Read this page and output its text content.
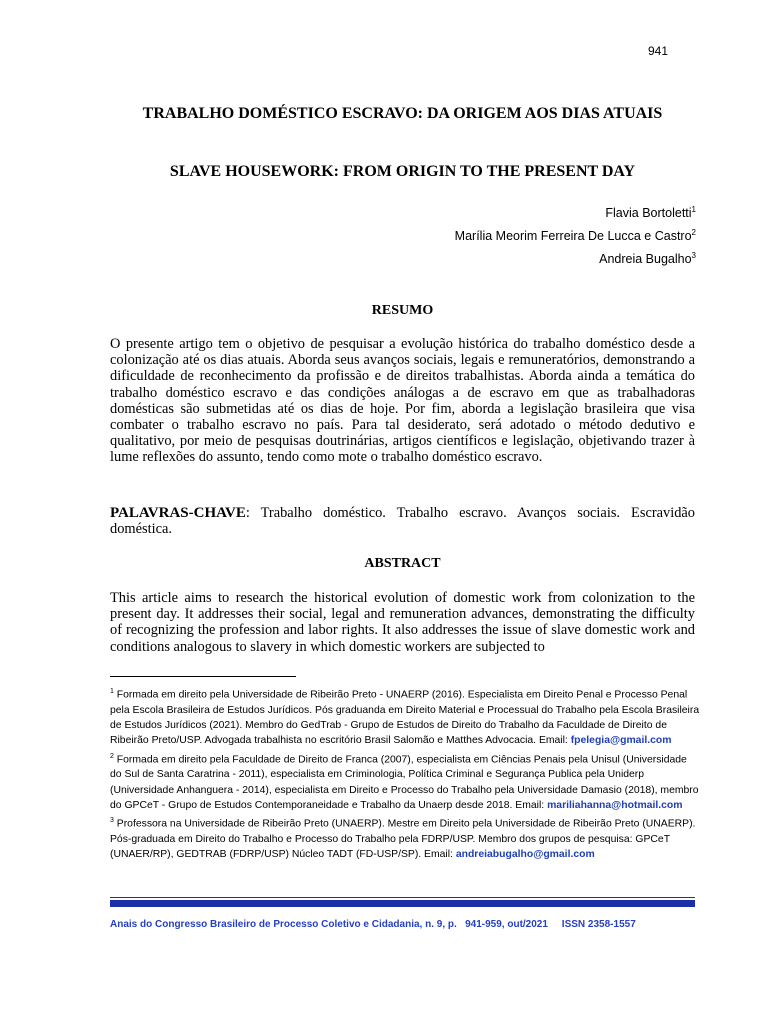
941
TRABALHO DOMÉSTICO ESCRAVO: DA ORIGEM AOS DIAS ATUAIS
SLAVE HOUSEWORK: FROM ORIGIN TO THE PRESENT DAY
Flavia Bortoletti$^1$
Marília Meorim Ferreira De Lucca e Castro$^2$
Andreia Bugalho$^3$
RESUMO
O presente artigo tem o objetivo de pesquisar a evolução histórica do trabalho doméstico desde a colonização até os dias atuais. Aborda seus avanços sociais, legais e remuneratórios, demonstrando a dificuldade de reconhecimento da profissão e de direitos trabalhistas. Aborda ainda a temática do trabalho doméstico escravo e das condições análogas a de escravo em que as trabalhadoras domésticas são submetidas até os dias de hoje. Por fim, aborda a legislação brasileira que visa combater o trabalho escravo no país. Para tal desiderato, será adotado o método dedutivo e qualitativo, por meio de pesquisas doutrinárias, artigos científicos e legislação, objetivando trazer à lume reflexões do assunto, tendo como mote o trabalho doméstico escravo.
PALAVRAS-CHAVE: Trabalho doméstico. Trabalho escravo. Avanços sociais. Escravidão doméstica.
ABSTRACT
This article aims to research the historical evolution of domestic work from colonization to the present day. It addresses their social, legal and remuneration advances, demonstrating the difficulty of recognizing the profession and labor rights. It also addresses the issue of slave domestic work and conditions analogous to slavery in which domestic workers are subjected to

$^1$ Formada em direito pela Universidade de Ribeirão Preto - UNAERP (2016). Especialista em Direito Penal e Processo Penal pela Escola Brasileira de Estudos Jurídicos. Pós graduanda em Direito Material e Processual do Trabalho pela Escola Brasileira de Estudos Jurídicos (2021). Membro do GedTrab - Grupo de Estudos de Direito do Trabalho da Faculdade de Direito de Ribeirão Preto/USP. Advogada trabalhista no escritório Brasil Salomão e Matthes Advocacia. Email: fpelegia@gmail.com

$^2$ Formada em direito pela Faculdade de Direito de Franca (2007), especialista em Ciências Penais pela Unisul (Universidade do Sul de Santa Caratrina - 2011), especialista em Criminologia, Política Criminal e Segurança Publica pela Uniderp (Universidade Anhanguera - 2014), especialista em Direito e Processo do Trabalho pela Universidade Damasio (2018), membro do GPCeT - Grupo de Estudos Contemporaneidade e Trabalho da Unaerp desde 2018. Email: mariliahanna@hotmail.com

$^3$ Professora na Universidade de Ribeirão Preto (UNAERP). Mestre em Direito pela Universidade de Ribeirão Preto (UNAERP). Pós-graduada em Direito do Trabalho e Processo do Trabalho pela FDRP/USP. Membro dos grupos de pesquisa: GPCeT (UNAER/RP), GEDTRAB (FDRP/USP) Núcleo TADT (FD-USP/SP). Email: andreiabugalho@gmail.com

Anais do Congresso Brasileiro de Processo Coletivo e Cidadania, n. 9, p.   941-959, out/2021     ISSN 2358-1557
